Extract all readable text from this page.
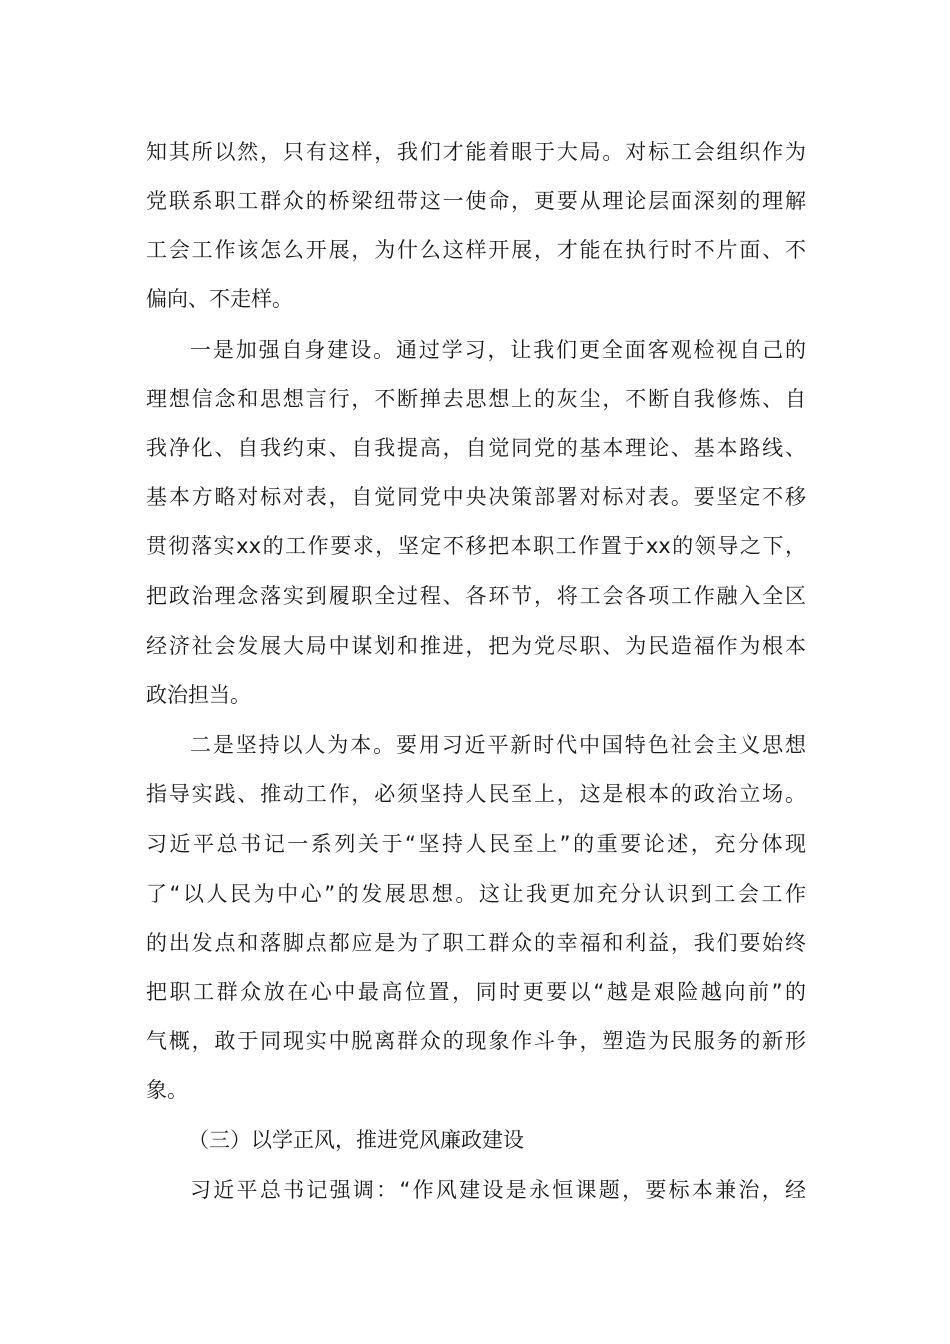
知其所以然，只有这样，我们才能着眼于大局。对标工会组织作为
党联系职工群众的桥梁纽带这一使命，更要从理论层面深刻的理解
工会工作该怎么开展，为什么这样开展，才能在执行时不片面、不
偏向、不走样。
一是加强自身建设。通过学习，让我们更全面客观检视自己的
理想信念和思想言行，不断掸去思想上的灰尘，不断自我修炼、自
我净化、自我约束、自我提高，自觉同党的基本理论、基本路线、
基本方略对标对表，自觉同党中央决策部署对标对表。要坚定不移
贯彻落实xx的工作要求，坚定不移把本职工作置于xx的领导之下，
把政治理念落实到履职全过程、各环节，将工会各项工作融入全区
经济社会发展大局中谋划和推进，把为党尽职、为民造福作为根本
政治担当。
二是坚持以人为本。要用习近平新时代中国特色社会主义思想
指导实践、推动工作，必须坚持人民至上，这是根本的政治立场。
习近平总书记一系列关于“坚持人民至上”的重要论述，充分体现
了“以人民为中心”的发展思想。这让我更加充分认识到工会工作
的出发点和落脚点都应是为了职工群众的幸福和利益，我们要始终
把职工群众放在心中最高位置，同时更要以“越是艰险越向前”的
气概，敢于同现实中脱离群众的现象作斗争，塑造为民服务的新形
象。
（三）以学正风，推进党风廉政建设
习近平总书记强调：“作风建设是永恒课题，要标本兼治，经
